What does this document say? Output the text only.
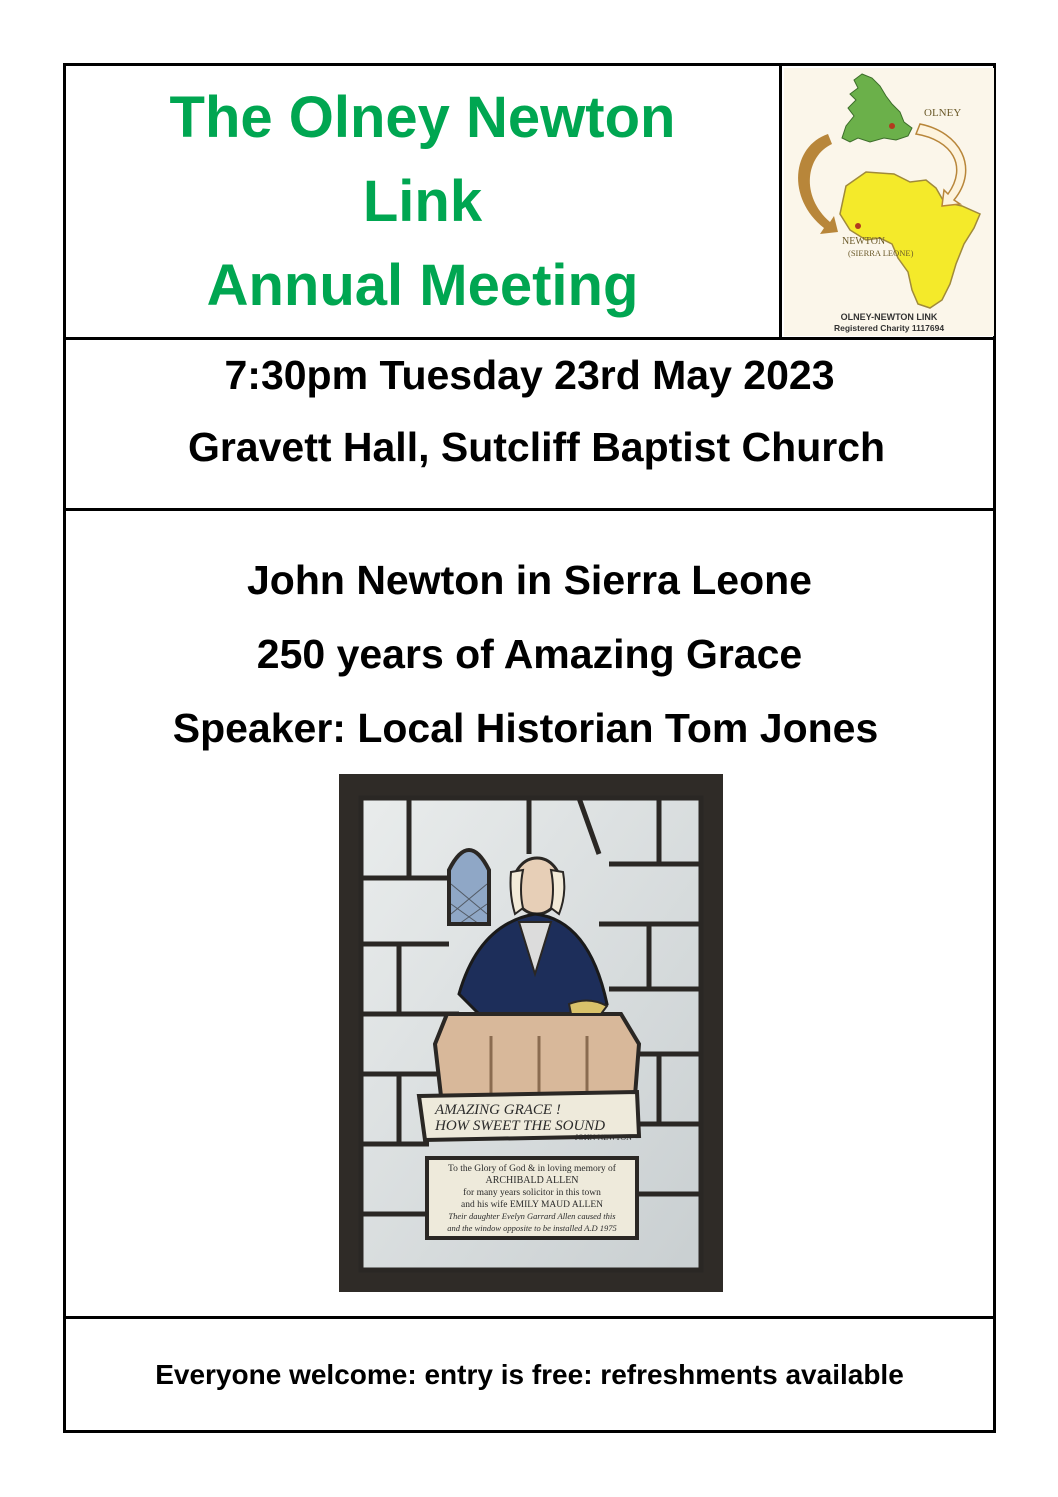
The Olney Newton
Link
Annual Meeting
OLNEY
NEWTON
(SIERRA LEONE)
OLNEY-NEWTON LINK
Registered Charity 1117694
7:30pm Tuesday 23rd May 2023
Gravett Hall, Sutcliff Baptist Church
John Newton in Sierra Leone
250 years of Amazing Grace
Speaker: Local Historian Tom Jones
AMAZING GRACE !
HOW SWEET THE SOUND
JOHN NEWTON
To the Glory of God & in loving memory of
ARCHIBALD ALLEN
for many years solicitor in this town
and his wife EMILY MAUD ALLEN
Their daughter Evelyn Garrard Allen caused this
and the window opposite to be installed A.D 1975
Everyone welcome: entry is free: refreshments available
